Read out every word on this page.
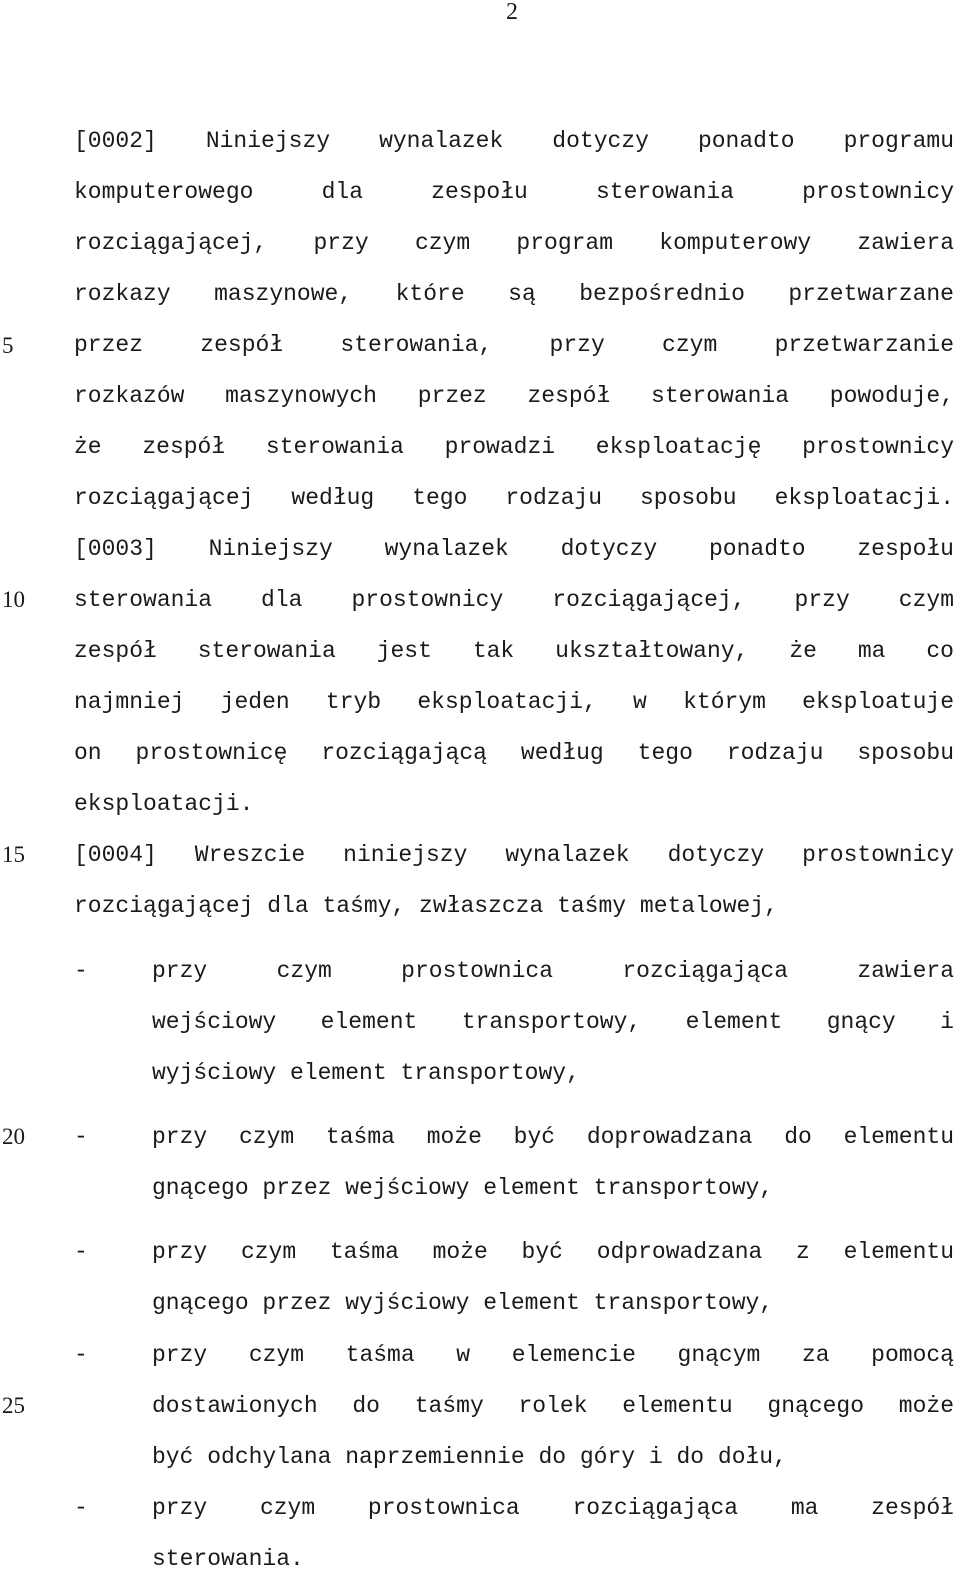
2
5
10
15
20
25
[0002] Niniejszy wynalazek dotyczy ponadto programu
komputerowego dla zespołu sterowania prostownicy
rozciągającej, przy czym program komputerowy zawiera
rozkazy maszynowe, które są bezpośrednio przetwarzane
przez zespół sterowania, przy czym przetwarzanie
rozkazów maszynowych przez zespół sterowania powoduje,
że zespół sterowania prowadzi eksploatację prostownicy
rozciągającej według tego rodzaju sposobu eksploatacji.
[0003] Niniejszy wynalazek dotyczy ponadto zespołu
sterowania dla prostownicy rozciągającej, przy czym
zespół sterowania jest tak ukształtowany, że ma co
najmniej jeden tryb eksploatacji, w którym eksploatuje
on prostownicę rozciągającą według tego rodzaju sposobu
eksploatacji.
[0004] Wreszcie niniejszy wynalazek dotyczy prostownicy
rozciągającej dla taśmy, zwłaszcza taśmy metalowej,
-	przy czym prostownica rozciągająca zawiera
wejściowy element transportowy, element gnący i
wyjściowy element transportowy,
-	przy czym taśma może być doprowadzana do elementu
gnącego przez wejściowy element transportowy,
-	przy czym taśma może być odprowadzana z elementu
gnącego przez wyjściowy element transportowy,
-	przy czym taśma w elemencie gnącym za pomocą
dostawionych do taśmy rolek elementu gnącego może
być odchylana naprzemiennie do góry i do dołu,
-	przy czym prostownica rozciągająca ma zespół
sterowania.
